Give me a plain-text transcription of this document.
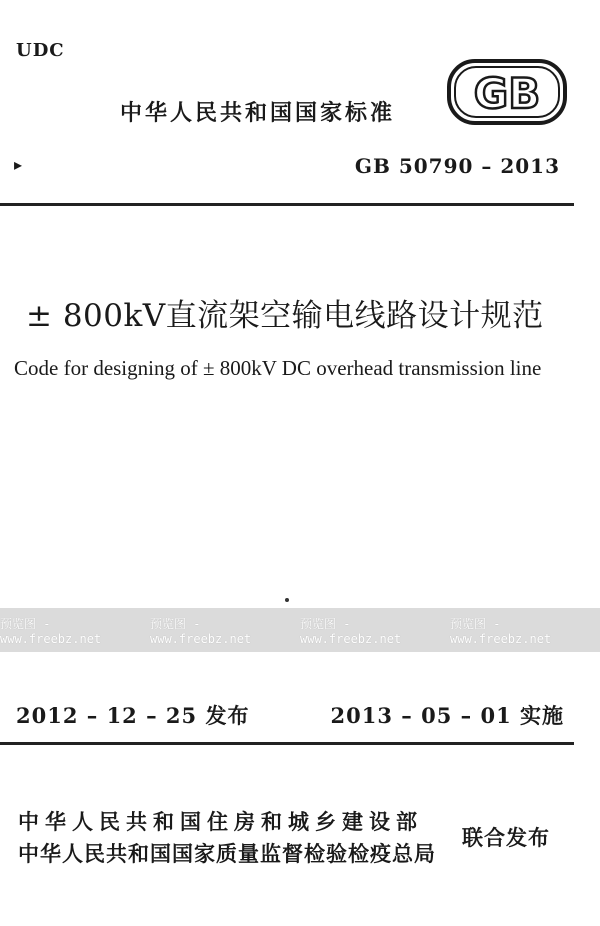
UDC
中华人民共和国国家标准 GB
▸	GB 50790 – 2013
± 800kV直流架空输电线路设计规范
Code for designing of ± 800kV DC overhead transmission line
预览图 - www.freebz.net
预览图 - www.freebz.net
预览图 - www.freebz.net
预览图 - www.freebz.net
2012 – 12 – 25 发布	2013 – 05 – 01 实施
中华人民共和国住房和城乡建设部
中华人民共和国国家质量监督检验检疫总局
联合发布
